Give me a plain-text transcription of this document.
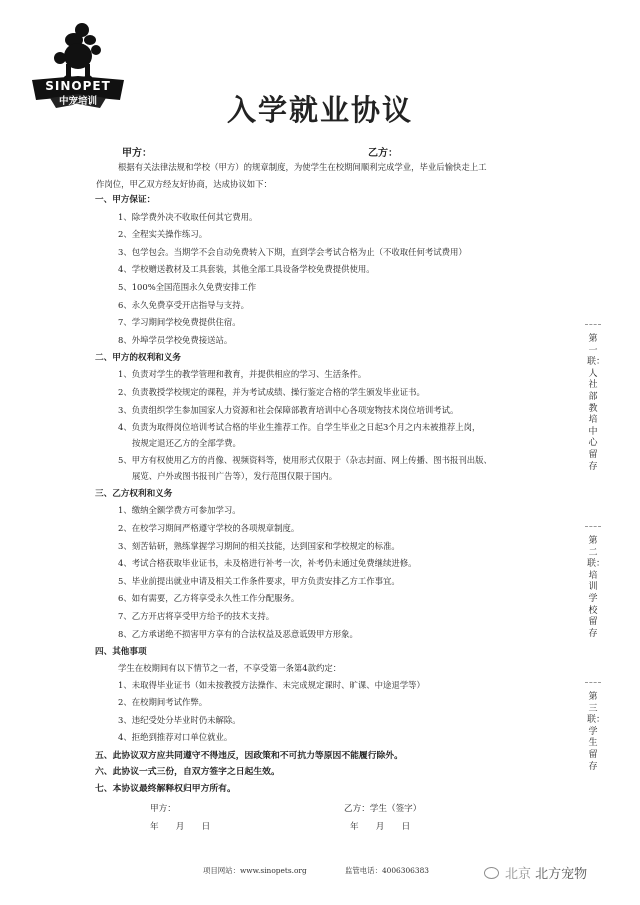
SINOPET
中宠培训	入学就业协议
甲方：	乙方：
根据有关法律法规和学校（甲方）的规章制度，为使学生在校期间顺利完成学业，毕业后愉快走上工
作岗位，甲乙双方经友好协商，达成协议如下：
一、甲方保证：
1、除学费外决不收取任何其它费用。
2、全程实关操作练习。
3、包学包会。当期学不会自动免费转入下期，直到学会考试合格为止（不收取任何考试费用）
4、学校赠送教材及工具套装，其他全部工具设备学校免费提供使用。
5、100%全国范围永久免费安排工作
6、永久免费享受开店指导与支持。
7、学习期间学校免费提供住宿。
8、外埠学员学校免费接送站。
二、甲方的权利和义务
1、负责对学生的教学管理和教育，并提供相应的学习、生活条件。
2、负责教授学校规定的课程，并为考试成绩、操行鉴定合格的学生颁发毕业证书。
3、负责组织学生参加国家人力资源和社会保障部教育培训中心各项宠物技术岗位培训考试。
4、负责为取得岗位培训考试合格的毕业生推荐工作。自学生毕业之日起3个月之内未被推荐上岗，
按规定退还乙方的全部学费。
5、甲方有权使用乙方的肖像、视频资料等，使用形式仅限于（杂志封面、网上传播、图书报刊出版、
展览、户外或图书报刊广告等），发行范围仅限于国内。
三、乙方权利和义务
1、缴纳全额学费方可参加学习。
2、在校学习期间严格遵守学校的各项规章制度。
3、刻苦钻研，熟练掌握学习期间的相关技能，达到国家和学校规定的标准。
4、考试合格获取毕业证书，未及格进行补考一次，补考仍未通过免费继续进修。
5、毕业前提出就业申请及相关工作条件要求，甲方负责安排乙方工作事宜。
6、如有需要，乙方将享受永久性工作分配服务。
7、乙方开店将享受甲方给予的技术支持。
8、乙方承诺绝不损害甲方享有的合法权益及恶意诋毁甲方形象。
四、其他事项
学生在校期间有以下情节之一者，不享受第一条第4款约定：
1、未取得毕业证书（如未按教授方法操作、未完成规定课时、旷课、中途退学等）
2、在校期间考试作弊。
3、违纪受处分毕业时仍未解除。
4、拒绝到推荐对口单位就业。
五、此协议双方应共同遵守不得违反，因政策和不可抗力等原因不能履行除外。
六、此协议一式三份，自双方签字之日起生效。
七、本协议最终解释权归甲方所有。
甲方：	乙方：学生（签字）
年　　月　　日	年　　月　　日
第一联：人社部教培中心留存
第二联：培训学校留存
第三联：学生留存
项目网站：www.sinopets.org	监管电话：4006306383	北京 北方宠物
